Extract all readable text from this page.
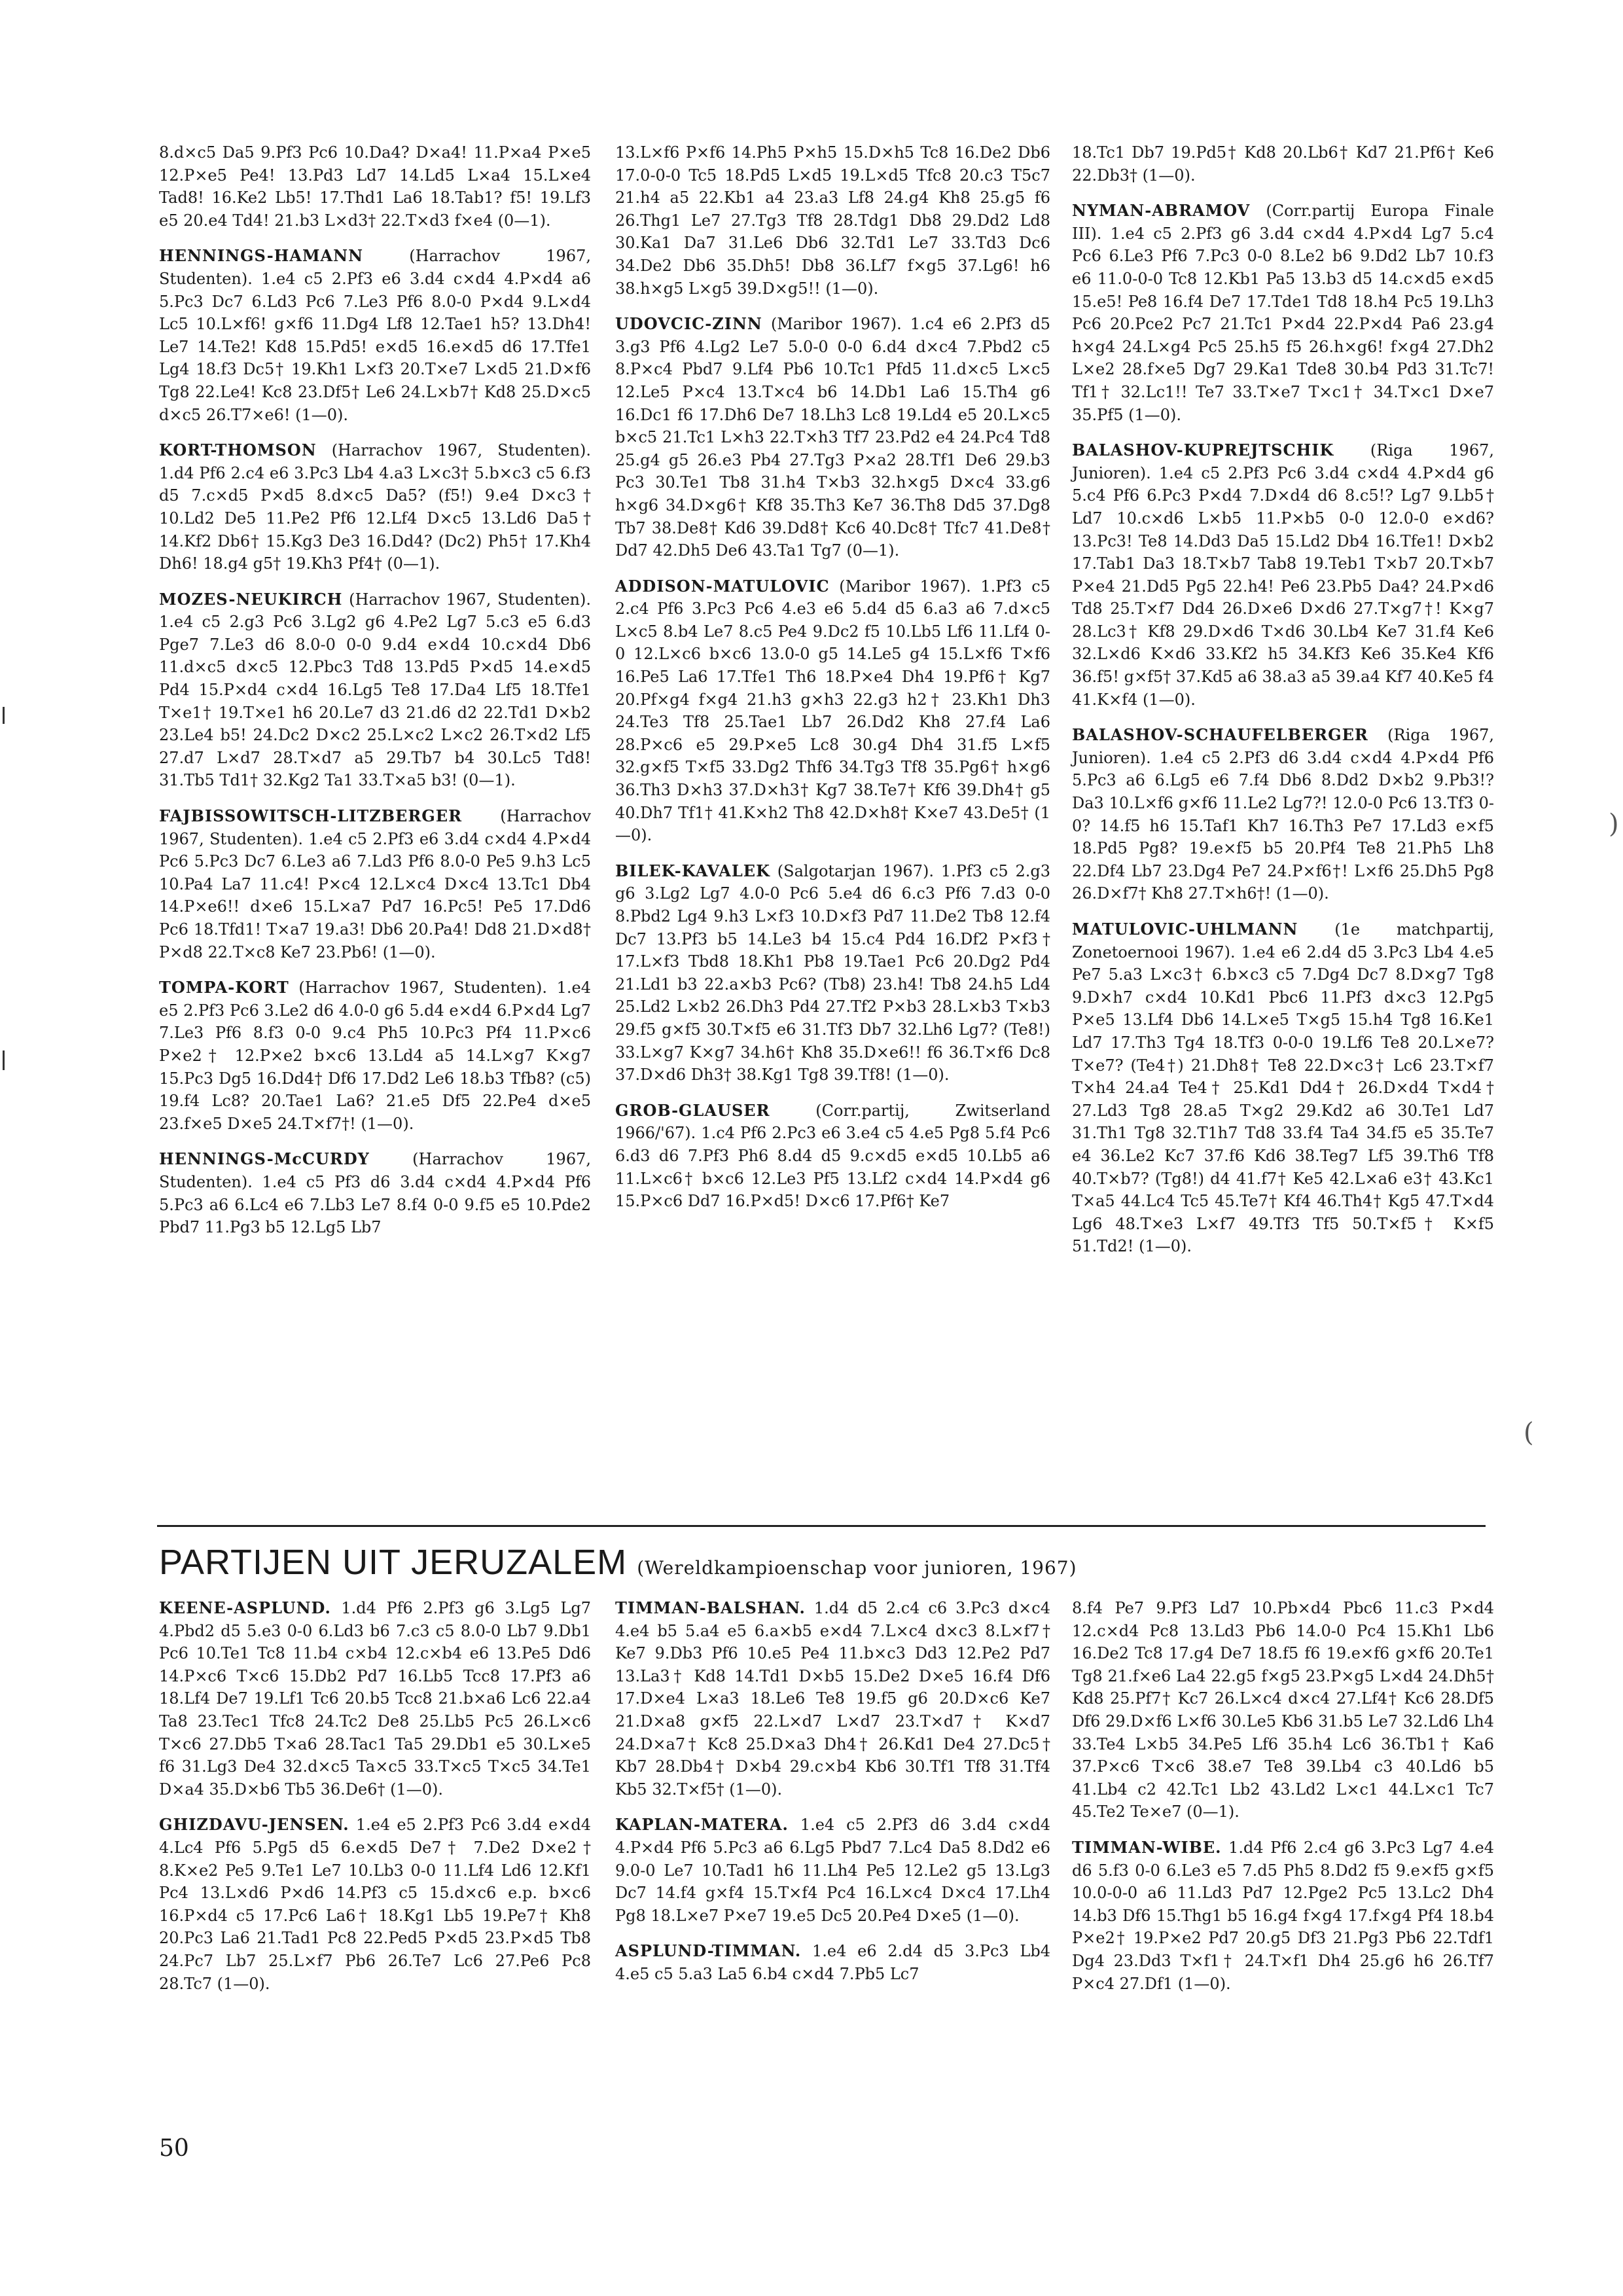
)
(

8.d×c5 Da5 9.Pf3 Pc6 10.Da4? D×a4! 11.P×a4 P×e5 12.P×e5 Pe4! 13.Pd3 Ld7 14.Ld5 L×a4 15.L×e4 Tad8! 16.Ke2 Lb5! 17.Thd1 La6 18.Tab1? f5! 19.Lf3 e5 20.e4 Td4! 21.b3 L×d3† 22.T×d3 f×e4 (0—1).

HENNINGS-HAMANN (Harrachov 1967, Studenten). 1.e4 c5 2.Pf3 e6 3.d4 c×d4 4.P×d4 a6 5.Pc3 Dc7 6.Ld3 Pc6 7.Le3 Pf6 8.0-0 P×d4 9.L×d4 Lc5 10.L×f6! g×f6 11.Dg4 Lf8 12.Tae1 h5? 13.Dh4! Le7 14.Te2! Kd8 15.Pd5! e×d5 16.e×d5 d6 17.Tfe1 Lg4 18.f3 Dc5† 19.Kh1 L×f3 20.T×e7 L×d5 21.D×f6 Tg8 22.Le4! Kc8 23.Df5† Le6 24.L×b7† Kd8 25.D×c5 d×c5 26.T7×e6! (1—0).

KORT-THOMSON (Harrachov 1967, Studenten). 1.d4 Pf6 2.c4 e6 3.Pc3 Lb4 4.a3 L×c3† 5.b×c3 c5 6.f3 d5 7.c×d5 P×d5 8.d×c5 Da5? (f5!) 9.e4 D×c3† 10.Ld2 De5 11.Pe2 Pf6 12.Lf4 D×c5 13.Ld6 Da5† 14.Kf2 Db6† 15.Kg3 De3 16.Dd4? (Dc2) Ph5† 17.Kh4 Dh6! 18.g4 g5† 19.Kh3 Pf4† (0—1).

MOZES-NEUKIRCH (Harrachov 1967, Studenten). 1.e4 c5 2.g3 Pc6 3.Lg2 g6 4.Pe2 Lg7 5.c3 e5 6.d3 Pge7 7.Le3 d6 8.0-0 0-0 9.d4 e×d4 10.c×d4 Db6 11.d×c5 d×c5 12.Pbc3 Td8 13.Pd5 P×d5 14.e×d5 Pd4 15.P×d4 c×d4 16.Lg5 Te8 17.Da4 Lf5 18.Tfe1 T×e1† 19.T×e1 h6 20.Le7 d3 21.d6 d2 22.Td1 D×b2 23.Le4 b5! 24.Dc2 D×c2 25.L×c2 L×c2 26.T×d2 Lf5 27.d7 L×d7 28.T×d7 a5 29.Tb7 b4 30.Lc5 Td8! 31.Tb5 Td1† 32.Kg2 Ta1 33.T×a5 b3! (0—1).

FAJBISSOWITSCH-LITZBERGER (Harrachov 1967, Studenten). 1.e4 c5 2.Pf3 e6 3.d4 c×d4 4.P×d4 Pc6 5.Pc3 Dc7 6.Le3 a6 7.Ld3 Pf6 8.0-0 Pe5 9.h3 Lc5 10.Pa4 La7 11.c4! P×c4 12.L×c4 D×c4 13.Tc1 Db4 14.P×e6!! d×e6 15.L×a7 Pd7 16.Pc5! Pe5 17.Dd6 Pc6 18.Tfd1! T×a7 19.a3! Db6 20.Pa4! Dd8 21.D×d8† P×d8 22.T×c8 Ke7 23.Pb6! (1—0).

TOMPA-KORT (Harrachov 1967, Studenten). 1.e4 e5 2.Pf3 Pc6 3.Le2 d6 4.0-0 g6 5.d4 e×d4 6.P×d4 Lg7 7.Le3 Pf6 8.f3 0-0 9.c4 Ph5 10.Pc3 Pf4 11.P×c6 P×e2† 12.P×e2 b×c6 13.Ld4 a5 14.L×g7 K×g7 15.Pc3 Dg5 16.Dd4† Df6 17.Dd2 Le6 18.b3 Tfb8? (c5) 19.f4 Lc8? 20.Tae1 La6? 21.e5 Df5 22.Pe4 d×e5 23.f×e5 D×e5 24.T×f7†! (1—0).

HENNINGS-McCURDY (Harrachov 1967, Studenten). 1.e4 c5 Pf3 d6 3.d4 c×d4 4.P×d4 Pf6 5.Pc3 a6 6.Lc4 e6 7.Lb3 Le7 8.f4 0-0 9.f5 e5 10.Pde2 Pbd7 11.Pg3 b5 12.Lg5 Lb7

13.L×f6 P×f6 14.Ph5 P×h5 15.D×h5 Tc8 16.De2 Db6 17.0-0-0 Tc5 18.Pd5 L×d5 19.L×d5 Tfc8 20.c3 T5c7 21.h4 a5 22.Kb1 a4 23.a3 Lf8 24.g4 Kh8 25.g5 f6 26.Thg1 Le7 27.Tg3 Tf8 28.Tdg1 Db8 29.Dd2 Ld8 30.Ka1 Da7 31.Le6 Db6 32.Td1 Le7 33.Td3 Dc6 34.De2 Db6 35.Dh5! Db8 36.Lf7 f×g5 37.Lg6! h6 38.h×g5 L×g5 39.D×g5!! (1—0).

UDOVCIC-ZINN (Maribor 1967). 1.c4 e6 2.Pf3 d5 3.g3 Pf6 4.Lg2 Le7 5.0-0 0-0 6.d4 d×c4 7.Pbd2 c5 8.P×c4 Pbd7 9.Lf4 Pb6 10.Tc1 Pfd5 11.d×c5 L×c5 12.Le5 P×c4 13.T×c4 b6 14.Db1 La6 15.Th4 g6 16.Dc1 f6 17.Dh6 De7 18.Lh3 Lc8 19.Ld4 e5 20.L×c5 b×c5 21.Tc1 L×h3 22.T×h3 Tf7 23.Pd2 e4 24.Pc4 Td8 25.g4 g5 26.e3 Pb4 27.Tg3 P×a2 28.Tf1 De6 29.b3 Pc3 30.Te1 Tb8 31.h4 T×b3 32.h×g5 D×c4 33.g6 h×g6 34.D×g6† Kf8 35.Th3 Ke7 36.Th8 Dd5 37.Dg8 Tb7 38.De8† Kd6 39.Dd8† Kc6 40.Dc8† Tfc7 41.De8† Dd7 42.Dh5 De6 43.Ta1 Tg7 (0—1).

ADDISON-MATULOVIC (Maribor 1967). 1.Pf3 c5 2.c4 Pf6 3.Pc3 Pc6 4.e3 e6 5.d4 d5 6.a3 a6 7.d×c5 L×c5 8.b4 Le7 8.c5 Pe4 9.Dc2 f5 10.Lb5 Lf6 11.Lf4 0-0 12.L×c6 b×c6 13.0-0 g5 14.Le5 g4 15.L×f6 T×f6 16.Pe5 La6 17.Tfe1 Th6 18.P×e4 Dh4 19.Pf6† Kg7 20.Pf×g4 f×g4 21.h3 g×h3 22.g3 h2† 23.Kh1 Dh3 24.Te3 Tf8 25.Tae1 Lb7 26.Dd2 Kh8 27.f4 La6 28.P×c6 e5 29.P×e5 Lc8 30.g4 Dh4 31.f5 L×f5 32.g×f5 T×f5 33.Dg2 Thf6 34.Tg3 Tf8 35.Pg6† h×g6 36.Th3 D×h3 37.D×h3† Kg7 38.Te7† Kf6 39.Dh4† g5 40.Dh7 Tf1† 41.K×h2 Th8 42.D×h8† K×e7 43.De5† (1—0).

BILEK-KAVALEK (Salgotarjan 1967). 1.Pf3 c5 2.g3 g6 3.Lg2 Lg7 4.0-0 Pc6 5.e4 d6 6.c3 Pf6 7.d3 0-0 8.Pbd2 Lg4 9.h3 L×f3 10.D×f3 Pd7 11.De2 Tb8 12.f4 Dc7 13.Pf3 b5 14.Le3 b4 15.c4 Pd4 16.Df2 P×f3† 17.L×f3 Tbd8 18.Kh1 Pb8 19.Tae1 Pc6 20.Dg2 Pd4 21.Ld1 b3 22.a×b3 Pc6? (Tb8) 23.h4! Tb8 24.h5 Ld4 25.Ld2 L×b2 26.Dh3 Pd4 27.Tf2 P×b3 28.L×b3 T×b3 29.f5 g×f5 30.T×f5 e6 31.Tf3 Db7 32.Lh6 Lg7? (Te8!) 33.L×g7 K×g7 34.h6† Kh8 35.D×e6!! f6 36.T×f6 Dc8 37.D×d6 Dh3† 38.Kg1 Tg8 39.Tf8! (1—0).

GROB-GLAUSER (Corr.partij, Zwitserland 1966/'67). 1.c4 Pf6 2.Pc3 e6 3.e4 c5 4.e5 Pg8 5.f4 Pc6 6.d3 d6 7.Pf3 Ph6 8.d4 d5 9.c×d5 e×d5 10.Lb5 a6 11.L×c6† b×c6 12.Le3 Pf5 13.Lf2 c×d4 14.P×d4 g6 15.P×c6 Dd7 16.P×d5! D×c6 17.Pf6† Ke7

18.Tc1 Db7 19.Pd5† Kd8 20.Lb6† Kd7 21.Pf6† Ke6 22.Db3† (1—0).

NYMAN-ABRAMOV (Corr.partij Europa Finale III). 1.e4 c5 2.Pf3 g6 3.d4 c×d4 4.P×d4 Lg7 5.c4 Pc6 6.Le3 Pf6 7.Pc3 0-0 8.Le2 b6 9.Dd2 Lb7 10.f3 e6 11.0-0-0 Tc8 12.Kb1 Pa5 13.b3 d5 14.c×d5 e×d5 15.e5! Pe8 16.f4 De7 17.Tde1 Td8 18.h4 Pc5 19.Lh3 Pc6 20.Pce2 Pc7 21.Tc1 P×d4 22.P×d4 Pa6 23.g4 h×g4 24.L×g4 Pc5 25.h5 f5 26.h×g6! f×g4 27.Dh2 L×e2 28.f×e5 Dg7 29.Ka1 Tde8 30.b4 Pd3 31.Tc7! Tf1† 32.Lc1!! Te7 33.T×e7 T×c1† 34.T×c1 D×e7 35.Pf5 (1—0).

BALASHOV-KUPREJTSCHIK (Riga 1967, Junioren). 1.e4 c5 2.Pf3 Pc6 3.d4 c×d4 4.P×d4 g6 5.c4 Pf6 6.Pc3 P×d4 7.D×d4 d6 8.c5!? Lg7 9.Lb5† Ld7 10.c×d6 L×b5 11.P×b5 0-0 12.0-0 e×d6? 13.Pc3! Te8 14.Dd3 Da5 15.Ld2 Db4 16.Tfe1! D×b2 17.Tab1 Da3 18.T×b7 Tab8 19.Teb1 T×b7 20.T×b7 P×e4 21.Dd5 Pg5 22.h4! Pe6 23.Pb5 Da4? 24.P×d6 Td8 25.T×f7 Dd4 26.D×e6 D×d6 27.T×g7†! K×g7 28.Lc3† Kf8 29.D×d6 T×d6 30.Lb4 Ke7 31.f4 Ke6 32.L×d6 K×d6 33.Kf2 h5 34.Kf3 Ke6 35.Ke4 Kf6 36.f5! g×f5† 37.Kd5 a6 38.a3 a5 39.a4 Kf7 40.Ke5 f4 41.K×f4 (1—0).

BALASHOV-SCHAUFELBERGER (Riga 1967, Junioren). 1.e4 c5 2.Pf3 d6 3.d4 c×d4 4.P×d4 Pf6 5.Pc3 a6 6.Lg5 e6 7.f4 Db6 8.Dd2 D×b2 9.Pb3!? Da3 10.L×f6 g×f6 11.Le2 Lg7?! 12.0-0 Pc6 13.Tf3 0-0? 14.f5 h6 15.Taf1 Kh7 16.Th3 Pe7 17.Ld3 e×f5 18.Pd5 Pg8? 19.e×f5 b5 20.Pf4 Te8 21.Ph5 Lh8 22.Df4 Lb7 23.Dg4 Pe7 24.P×f6†! L×f6 25.Dh5 Pg8 26.D×f7† Kh8 27.T×h6†! (1—0).

MATULOVIC-UHLMANN (1e matchpartij, Zonetoernooi 1967). 1.e4 e6 2.d4 d5 3.Pc3 Lb4 4.e5 Pe7 5.a3 L×c3† 6.b×c3 c5 7.Dg4 Dc7 8.D×g7 Tg8 9.D×h7 c×d4 10.Kd1 Pbc6 11.Pf3 d×c3 12.Pg5 P×e5 13.Lf4 Db6 14.L×e5 T×g5 15.h4 Tg8 16.Ke1 Ld7 17.Th3 Tg4 18.Tf3 0-0-0 19.Lf6 Te8 20.L×e7? T×e7? (Te4†) 21.Dh8† Te8 22.D×c3† Lc6 23.T×f7 T×h4 24.a4 Te4† 25.Kd1 Dd4† 26.D×d4 T×d4† 27.Ld3 Tg8 28.a5 T×g2 29.Kd2 a6 30.Te1 Ld7 31.Th1 Tg8 32.T1h7 Td8 33.f4 Ta4 34.f5 e5 35.Te7 e4 36.Le2 Kc7 37.f6 Kd6 38.Teg7 Lf5 39.Th6 Tf8 40.T×b7? (Tg8!) d4 41.f7† Ke5 42.L×a6 e3† 43.Kc1 T×a5 44.Lc4 Tc5 45.Te7† Kf4 46.Th4† Kg5 47.T×d4 Lg6 48.T×e3 L×f7 49.Tf3 Tf5 50.T×f5† K×f5 51.Td2! (1—0).

PARTIJEN UIT JERUZALEM (Wereldkampioenschap voor junioren, 1967)

KEENE-ASPLUND. 1.d4 Pf6 2.Pf3 g6 3.Lg5 Lg7 4.Pbd2 d5 5.e3 0-0 6.Ld3 b6 7.c3 c5 8.0-0 Lb7 9.Db1 Pc6 10.Te1 Tc8 11.b4 c×b4 12.c×b4 e6 13.Pe5 Dd6 14.P×c6 T×c6 15.Db2 Pd7 16.Lb5 Tcc8 17.Pf3 a6 18.Lf4 De7 19.Lf1 Tc6 20.b5 Tcc8 21.b×a6 Lc6 22.a4 Ta8 23.Tec1 Tfc8 24.Tc2 De8 25.Lb5 Pc5 26.L×c6 T×c6 27.Db5 T×a6 28.Tac1 Ta5 29.Db1 e5 30.L×e5 f6 31.Lg3 De4 32.d×c5 Ta×c5 33.T×c5 T×c5 34.Te1 D×a4 35.D×b6 Tb5 36.De6† (1—0).

GHIZDAVU-JENSEN. 1.e4 e5 2.Pf3 Pc6 3.d4 e×d4 4.Lc4 Pf6 5.Pg5 d5 6.e×d5 De7† 7.De2 D×e2† 8.K×e2 Pe5 9.Te1 Le7 10.Lb3 0-0 11.Lf4 Ld6 12.Kf1 Pc4 13.L×d6 P×d6 14.Pf3 c5 15.d×c6 e.p. b×c6 16.P×d4 c5 17.Pc6 La6† 18.Kg1 Lb5 19.Pe7† Kh8 20.Pc3 La6 21.Tad1 Pc8 22.Ped5 P×d5 23.P×d5 Tb8 24.Pc7 Lb7 25.L×f7 Pb6 26.Te7 Lc6 27.Pe6 Pc8 28.Tc7 (1—0).

TIMMAN-BALSHAN. 1.d4 d5 2.c4 c6 3.Pc3 d×c4 4.e4 b5 5.a4 e5 6.a×b5 e×d4 7.L×c4 d×c3 8.L×f7† Ke7 9.Db3 Pf6 10.e5 Pe4 11.b×c3 Dd3 12.Pe2 Pd7 13.La3† Kd8 14.Td1 D×b5 15.De2 D×e5 16.f4 Df6 17.D×e4 L×a3 18.Le6 Te8 19.f5 g6 20.D×c6 Ke7 21.D×a8 g×f5 22.L×d7 L×d7 23.T×d7† K×d7 24.D×a7† Kc8 25.D×a3 Dh4† 26.Kd1 De4 27.Dc5† Kb7 28.Db4† D×b4 29.c×b4 Kb6 30.Tf1 Tf8 31.Tf4 Kb5 32.T×f5† (1—0).

KAPLAN-MATERA. 1.e4 c5 2.Pf3 d6 3.d4 c×d4 4.P×d4 Pf6 5.Pc3 a6 6.Lg5 Pbd7 7.Lc4 Da5 8.Dd2 e6 9.0-0 Le7 10.Tad1 h6 11.Lh4 Pe5 12.Le2 g5 13.Lg3 Dc7 14.f4 g×f4 15.T×f4 Pc4 16.L×c4 D×c4 17.Lh4 Pg8 18.L×e7 P×e7 19.e5 Dc5 20.Pe4 D×e5 (1—0).

ASPLUND-TIMMAN. 1.e4 e6 2.d4 d5 3.Pc3 Lb4 4.e5 c5 5.a3 La5 6.b4 c×d4 7.Pb5 Lc7

8.f4 Pe7 9.Pf3 Ld7 10.Pb×d4 Pbc6 11.c3 P×d4 12.c×d4 Pc8 13.Ld3 Pb6 14.0-0 Pc4 15.Kh1 Lb6 16.De2 Tc8 17.g4 De7 18.f5 f6 19.e×f6 g×f6 20.Te1 Tg8 21.f×e6 La4 22.g5 f×g5 23.P×g5 L×d4 24.Dh5† Kd8 25.Pf7† Kc7 26.L×c4 d×c4 27.Lf4† Kc6 28.Df5 Df6 29.D×f6 L×f6 30.Le5 Kb6 31.b5 Le7 32.Ld6 Lh4 33.Te4 L×b5 34.Pe5 Lf6 35.h4 Lc6 36.Tb1† Ka6 37.P×c6 T×c6 38.e7 Te8 39.Lb4 c3 40.Ld6 b5 41.Lb4 c2 42.Tc1 Lb2 43.Ld2 L×c1 44.L×c1 Tc7 45.Te2 Te×e7 (0—1).

TIMMAN-WIBE. 1.d4 Pf6 2.c4 g6 3.Pc3 Lg7 4.e4 d6 5.f3 0-0 6.Le3 e5 7.d5 Ph5 8.Dd2 f5 9.e×f5 g×f5 10.0-0-0 a6 11.Ld3 Pd7 12.Pge2 Pc5 13.Lc2 Dh4 14.b3 Df6 15.Thg1 b5 16.g4 f×g4 17.f×g4 Pf4 18.b4 P×e2† 19.P×e2 Pd7 20.g5 Df3 21.Pg3 Pb6 22.Tdf1 Dg4 23.Dd3 T×f1† 24.T×f1 Dh4 25.g6 h6 26.Tf7 P×c4 27.Df1 (1—0).

50
